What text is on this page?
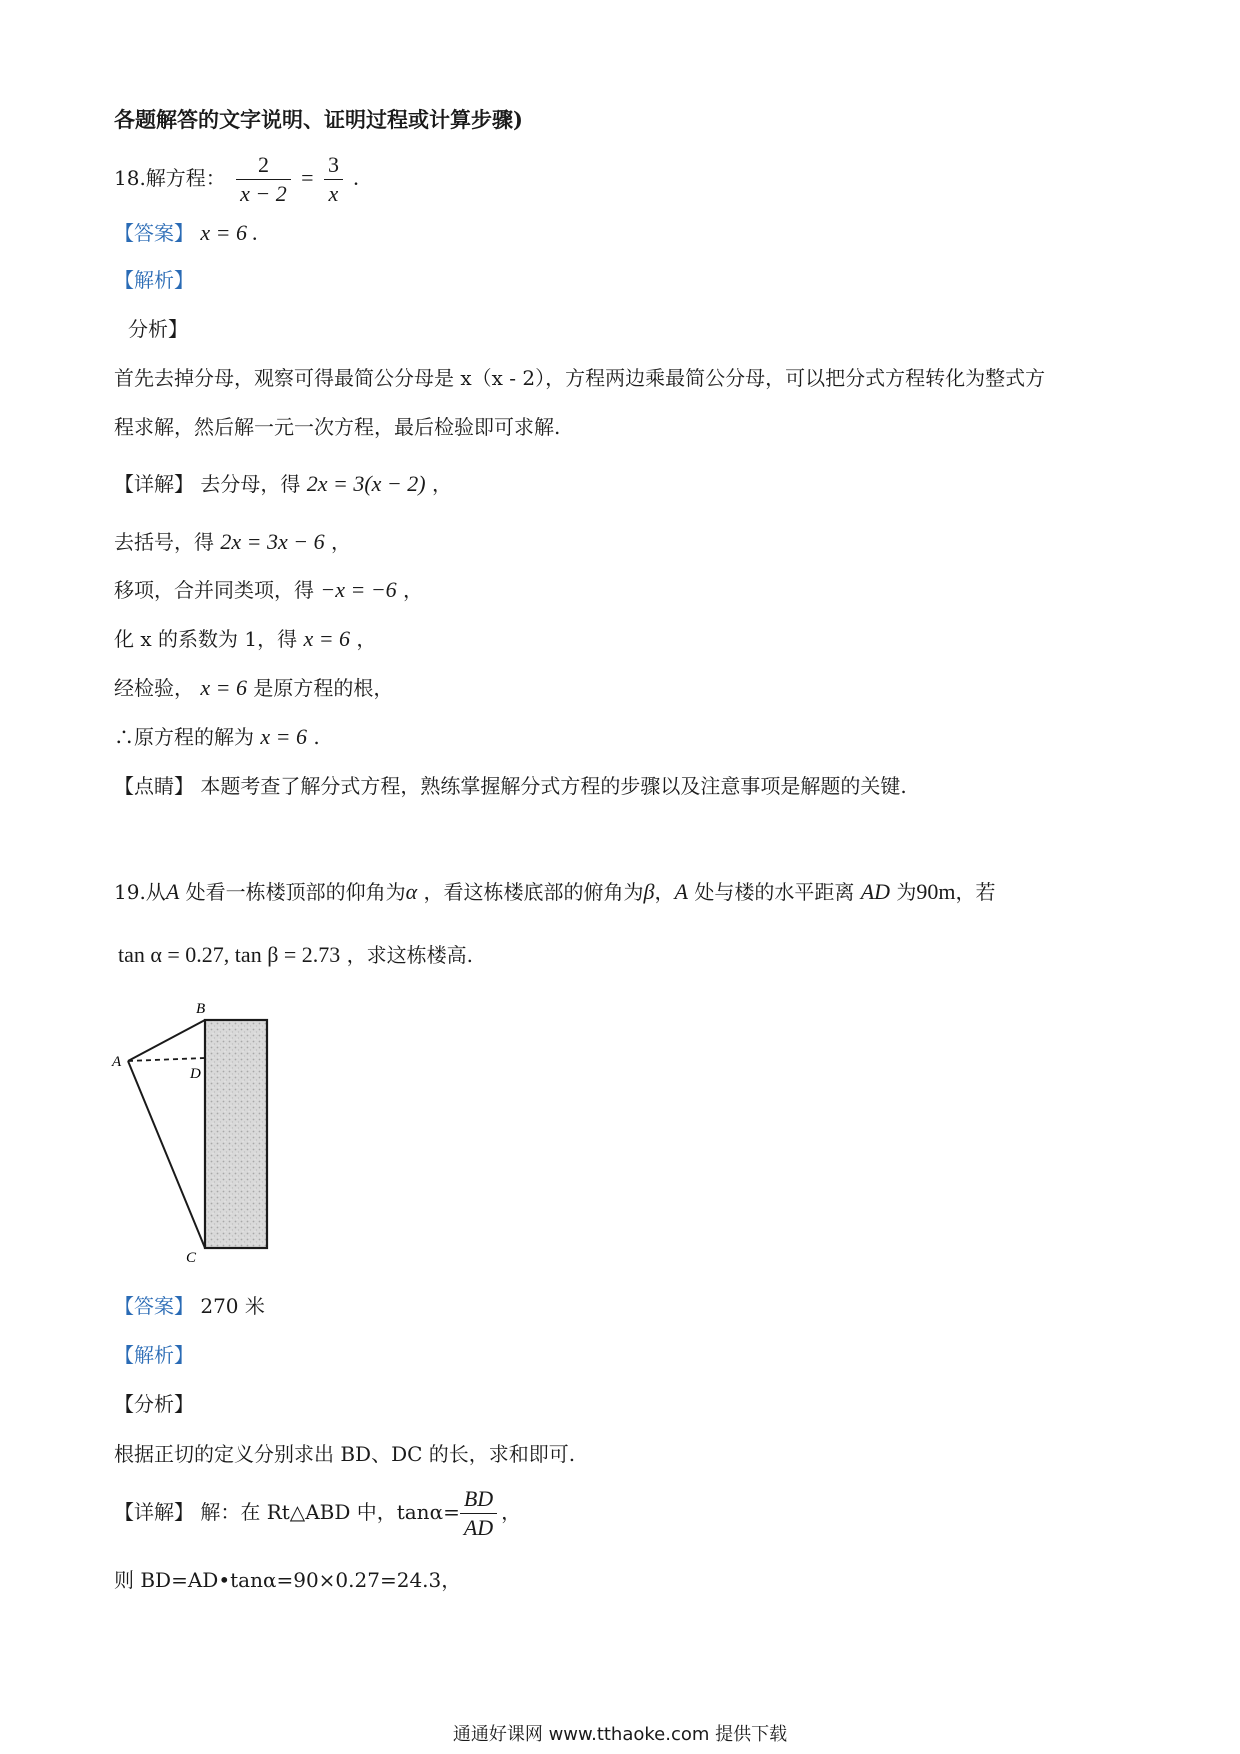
各题解答的文字说明、证明过程或计算步骤)
18.解方程： $\frac{2}{x - 2} = \frac{3}{x}$ .
【答案】 x = 6 .
【解析】
分析】
首先去掉分母，观察可得最简公分母是 x（x - 2），方程两边乘最简公分母，可以把分式方程转化为整式方
程求解，然后解一元一次方程，最后检验即可求解.
【详解】 去分母，得 2x = 3(x − 2) ，
去括号，得 2x = 3x − 6 ，
移项，合并同类项，得 −x = −6 ，
化 x 的系数为 1，得 x = 6 ，
经检验， x = 6 是原方程的根，
∴原方程的解为 x = 6 .
【点睛】 本题考查了解分式方程，熟练掌握解分式方程的步骤以及注意事项是解题的关键.
19.从A 处看一栋楼顶部的仰角为α ，看这栋楼底部的俯角为β，A 处与楼的水平距离 AD 为90m，若
tan α = 0.27, tan β = 2.73 ，求这栋楼高.
A
B
D
C
【答案】 270 米
【解析】
【分析】
根据正切的定义分别求出 BD、DC 的长，求和即可.
【详解】 解：在 Rt△ABD 中，$\tan\alpha= \frac{BD}{AD}$ ，
则 BD=AD•tanα=90×0.27=24.3，
通通好课网 www.tthaoke.com 提供下载
